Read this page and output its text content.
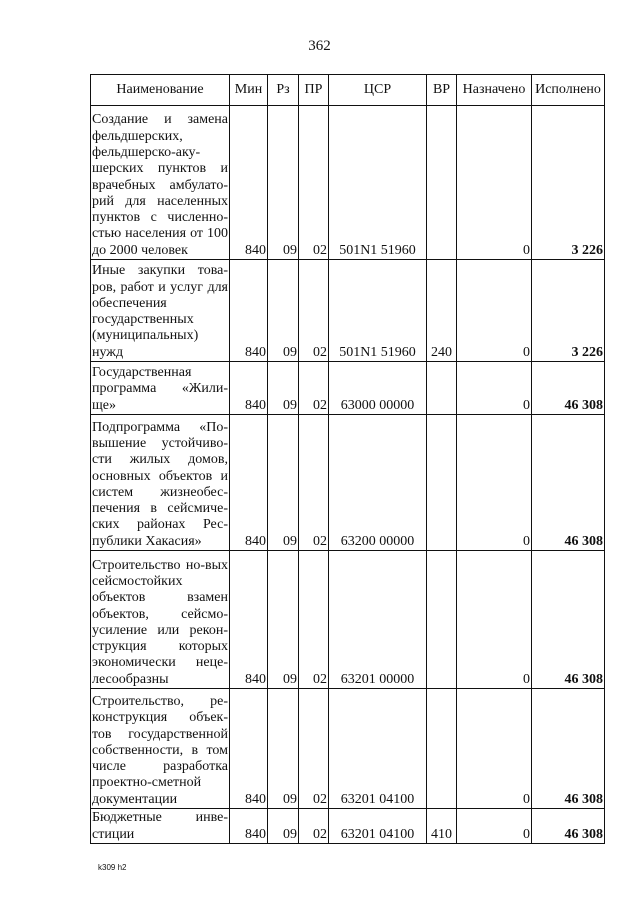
362
Наименование	Мин	Рз	ПР	ЦСР	ВР	Назначено	Исполнено
Создание и замена фельдшерских, фельдшерско-аку-шерских пунктов и врачебных амбулато-рий для населенных пунктов с численно-стью населения от 100 до 2000 человек	840	09	02	501N1 51960		0	3 226
Иные закупки това-ров, работ и услуг для обеспечения государственных (муниципальных) нужд	840	09	02	501N1 51960	240	0	3 226
Государственная программа «Жили-ще»	840	09	02	63000 00000		0	46 308
Подпрограмма «По-вышение устойчиво-сти жилых домов, основных объектов и систем жизнеобес-печения в сейсмиче-ских районах Рес-публики Хакасия»	840	09	02	63200 00000		0	46 308
Строительство но-вых сейсмостойких объектов взамен объектов, сейсмо-усиление или рекон-струкция которых экономически неце-лесообразны	840	09	02	63201 00000		0	46 308
Строительство, ре-конструкция объек-тов государственной собственности, в том числе разработка проектно-сметной документации	840	09	02	63201 04100		0	46 308
Бюджетные инве-стиции	840	09	02	63201 04100	410	0	46 308
k309 h2
